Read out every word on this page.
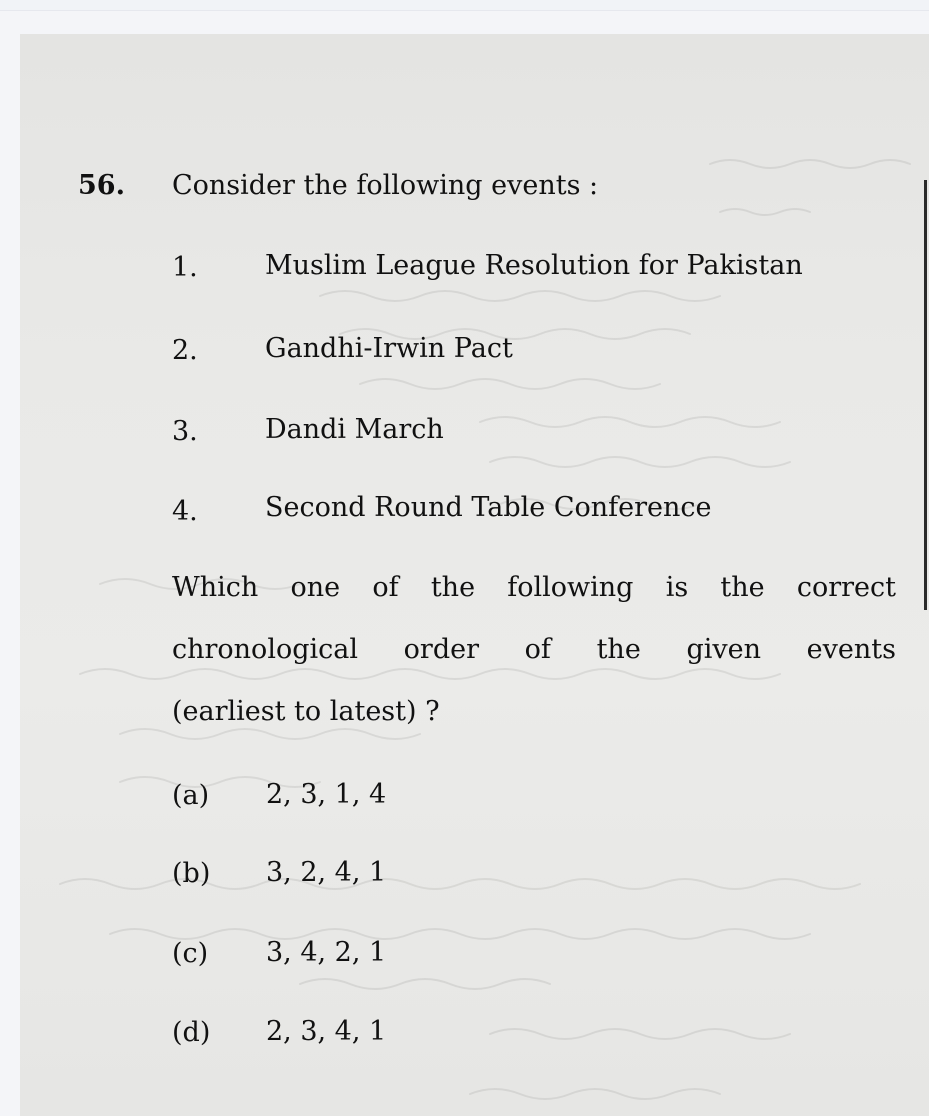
56. Consider the following events :
1. Muslim League Resolution for Pakistan
2. Gandhi-Irwin Pact
3. Dandi March
4. Second Round Table Conference
Which one of the following is the correct
chronological order of the given events
(earliest to latest) ?
(a) 2, 3, 1, 4
(b) 3, 2, 4, 1
(c) 3, 4, 2, 1
(d) 2, 3, 4, 1
